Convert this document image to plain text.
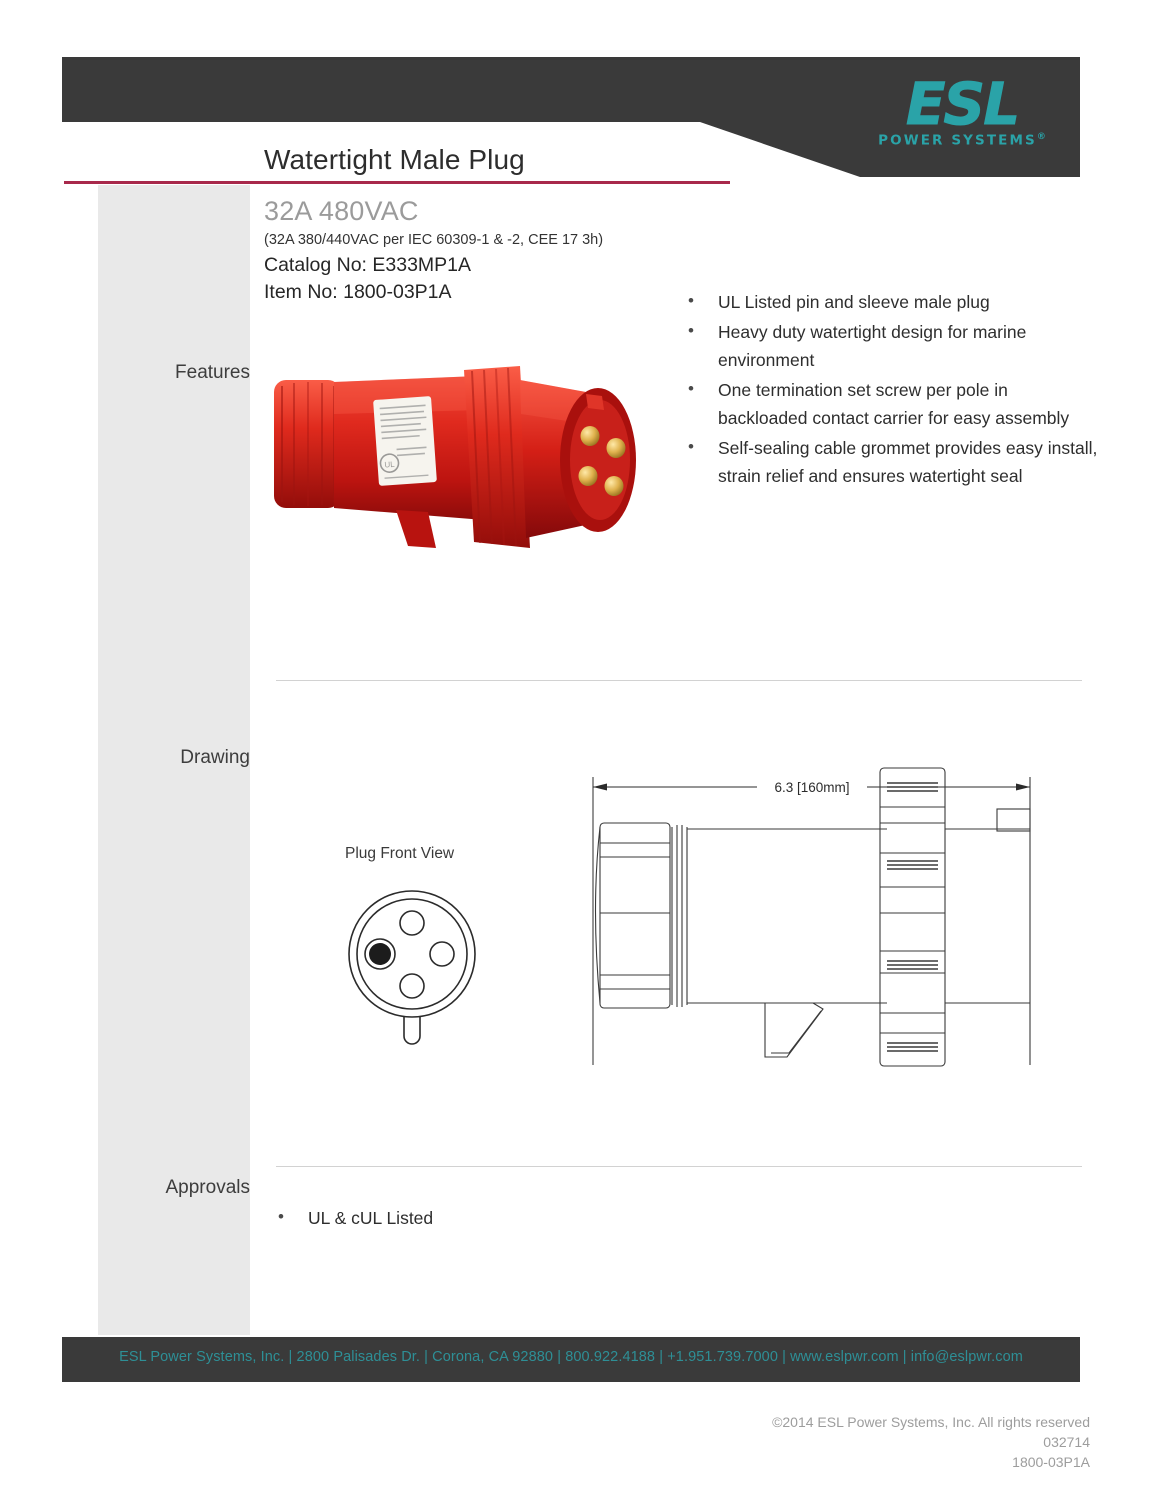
ESL
POWER SYSTEMS®
Watertight Male Plug
Features
Drawing
Approvals
32A 480VAC
(32A 380/440VAC per IEC 60309-1 & -2, CEE 17 3h)
Catalog No: E333MP1A
Item No: 1800-03P1A	• UL Listed pin and sleeve male plug
• Heavy duty watertight design for marine environment
• One termination set screw per pole in backloaded contact carrier for easy assembly
• Self-sealing cable grommet provides easy install, strain relief and ensures watertight seal
UL
Plug Front View
6.3 [160mm]
• UL & cUL Listed
ESL Power Systems, Inc. | 2800 Palisades Dr. | Corona, CA 92880 | 800.922.4188 | +1.951.739.7000 | www.eslpwr.com | info@eslpwr.com
©2014 ESL Power Systems, Inc. All rights reserved
032714
1800-03P1A
